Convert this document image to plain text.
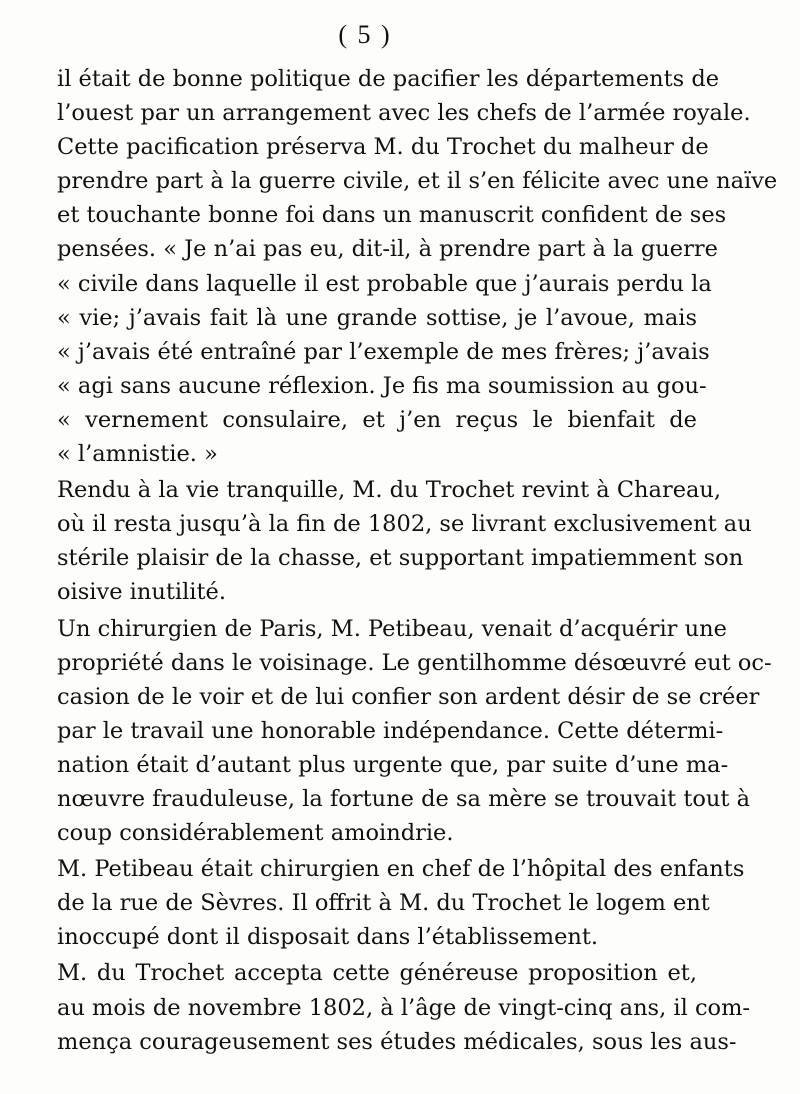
( 5 )
il était de bonne politique de pacifier les départements de
l’ouest par un arrangement avec les chefs de l’armée royale.
Cette pacification préserva M. du Trochet du malheur de
prendre part à la guerre civile, et il s’en félicite avec une naïve
et touchante bonne foi dans un manuscrit confident de ses
pensées. « Je n’ai pas eu, dit-il, à prendre part à la guerre
« civile dans laquelle il est probable que j’aurais perdu la
« vie; j’avais fait là une grande sottise, je l’avoue, mais
« j’avais été entraîné par l’exemple de mes frères; j’avais
« agi sans aucune réflexion. Je fis ma soumission au gou-
« vernement consulaire, et j’en reçus le bienfait de
« l’amnistie. »
Rendu à la vie tranquille, M. du Trochet revint à Chareau,
où il resta jusqu’à la fin de 1802, se livrant exclusivement au
stérile plaisir de la chasse, et supportant impatiemment son
oisive inutilité.
Un chirurgien de Paris, M. Petibeau, venait d’acquérir une
propriété dans le voisinage. Le gentilhomme désœuvré eut oc-
casion de le voir et de lui confier son ardent désir de se créer
par le travail une honorable indépendance. Cette détermi-
nation était d’autant plus urgente que, par suite d’une ma-
nœuvre frauduleuse, la fortune de sa mère se trouvait tout à
coup considérablement amoindrie.
M. Petibeau était chirurgien en chef de l’hôpital des enfants
de la rue de Sèvres. Il offrit à M. du Trochet le logem ent
inoccupé dont il disposait dans l’établissement.
M. du Trochet accepta cette généreuse proposition et,
au mois de novembre 1802, à l’âge de vingt-cinq ans, il com-
mença courageusement ses études médicales, sous les aus-
